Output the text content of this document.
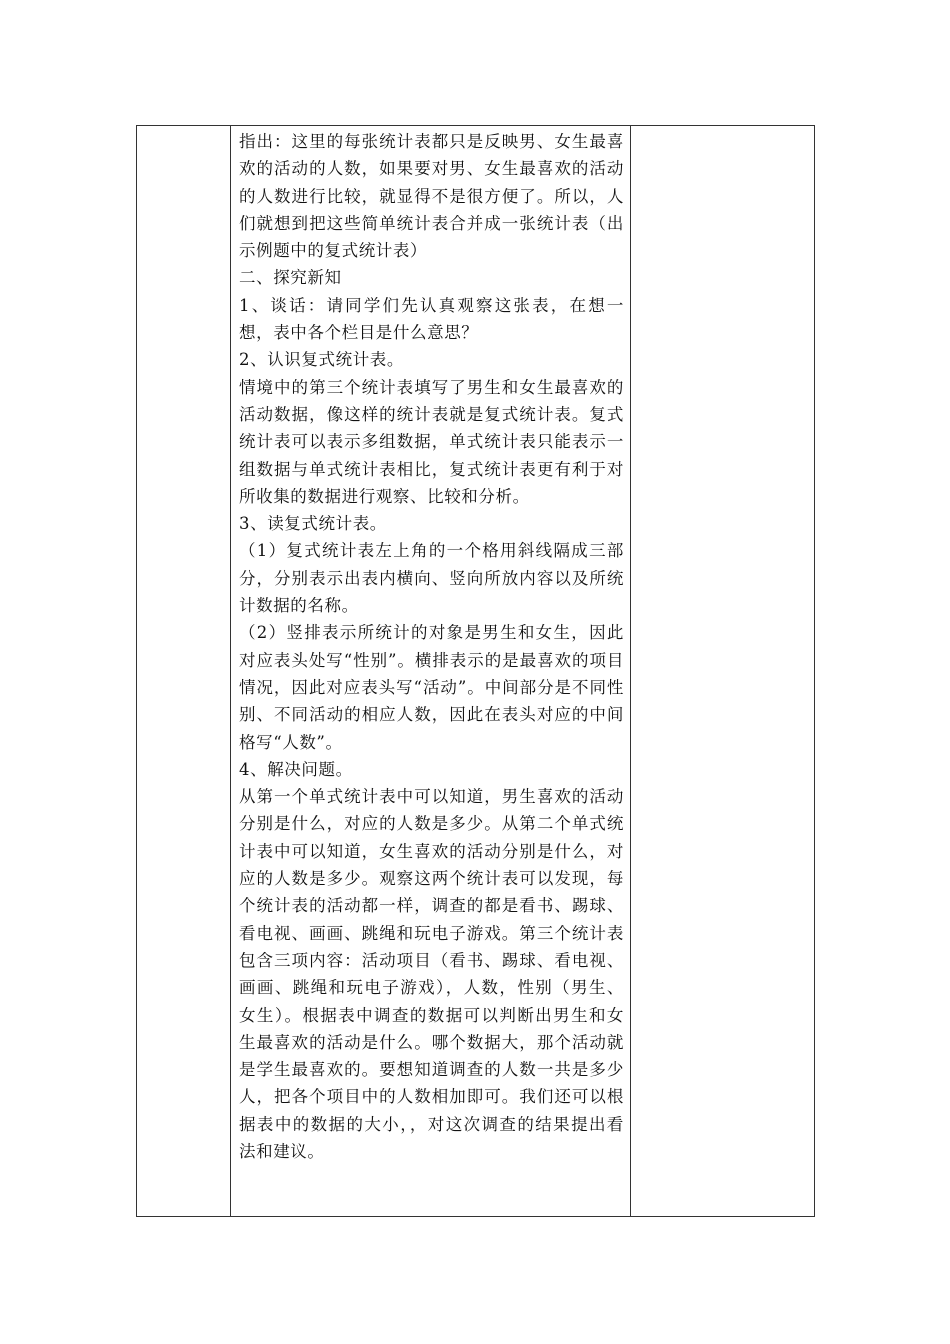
指出：这里的每张统计表都只是反映男、女生最喜欢的活动的人数，如果要对男、女生最喜欢的活动的人数进行比较，就显得不是很方便了。所以，人们就想到把这些简单统计表合并成一张统计表（出示例题中的复式统计表）

二、探究新知

1、谈话：请同学们先认真观察这张表，在想一想，表中各个栏目是什么意思？

2、认识复式统计表。

情境中的第三个统计表填写了男生和女生最喜欢的活动数据，像这样的统计表就是复式统计表。复式统计表可以表示多组数据，单式统计表只能表示一组数据与单式统计表相比，复式统计表更有利于对所收集的数据进行观察、比较和分析。

3、读复式统计表。

（1）复式统计表左上角的一个格用斜线隔成三部分，分别表示出表内横向、竖向所放内容以及所统计数据的名称。

（2）竖排表示所统计的对象是男生和女生，因此对应表头处写“性别”。横排表示的是最喜欢的项目情况，因此对应表头写“活动”。中间部分是不同性别、不同活动的相应人数，因此在表头对应的中间格写“人数”。

4、解决问题。

从第一个单式统计表中可以知道，男生喜欢的活动分别是什么，对应的人数是多少。从第二个单式统计表中可以知道，女生喜欢的活动分别是什么，对应的人数是多少。观察这两个统计表可以发现，每个统计表的活动都一样，调查的都是看书、踢球、看电视、画画、跳绳和玩电子游戏。第三个统计表包含三项内容：活动项目（看书、踢球、看电视、画画、跳绳和玩电子游戏），人数，性别（男生、女生）。根据表中调查的数据可以判断出男生和女生最喜欢的活动是什么。哪个数据大，那个活动就是学生最喜欢的。要想知道调查的人数一共是多少人，把各个项目中的人数相加即可。我们还可以根据表中的数据的大小，，对这次调查的结果提出看法和建议。
